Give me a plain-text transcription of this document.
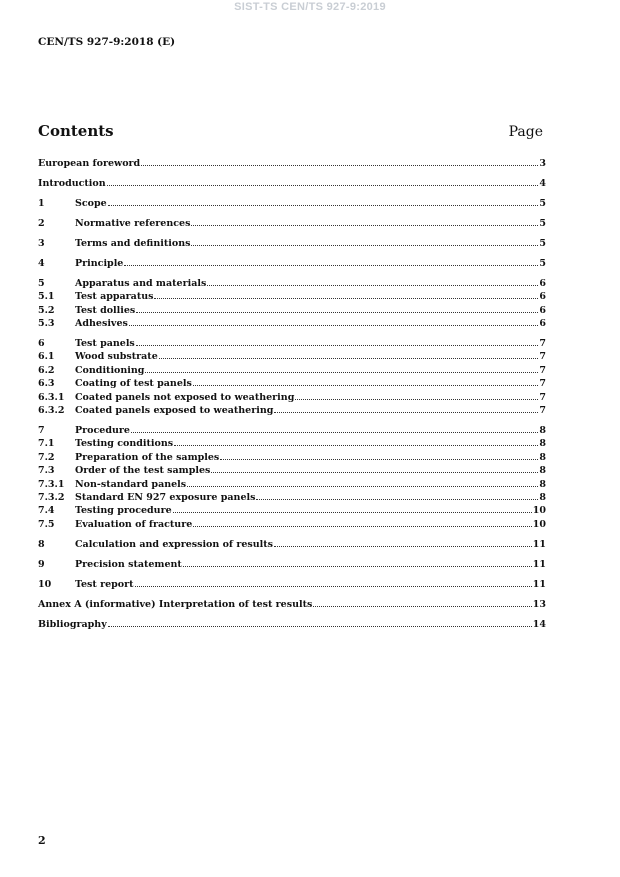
SIST-TS CEN/TS 927-9:2019
CEN/TS 927-9:2018 (E)
Contents	Page
European foreword	3
Introduction	4
1	Scope	5
2	Normative references	5
3	Terms and definitions	5
4	Principle	5
5	Apparatus and materials	6
5.1	Test apparatus	6
5.2	Test dollies	6
5.3	Adhesives	6
6	Test panels	7
6.1	Wood substrate	7
6.2	Conditioning	7
6.3	Coating of test panels	7
6.3.1	Coated panels not exposed to weathering	7
6.3.2	Coated panels exposed to weathering	7
7	Procedure	8
7.1	Testing conditions	8
7.2	Preparation of the samples	8
7.3	Order of the test samples	8
7.3.1	Non-standard panels	8
7.3.2	Standard EN 927 exposure panels	8
7.4	Testing procedure	10
7.5	Evaluation of fracture	10
8	Calculation and expression of results	11
9	Precision statement	11
10	Test report	11
Annex A (informative) Interpretation of test results	13
Bibliography	14
2
